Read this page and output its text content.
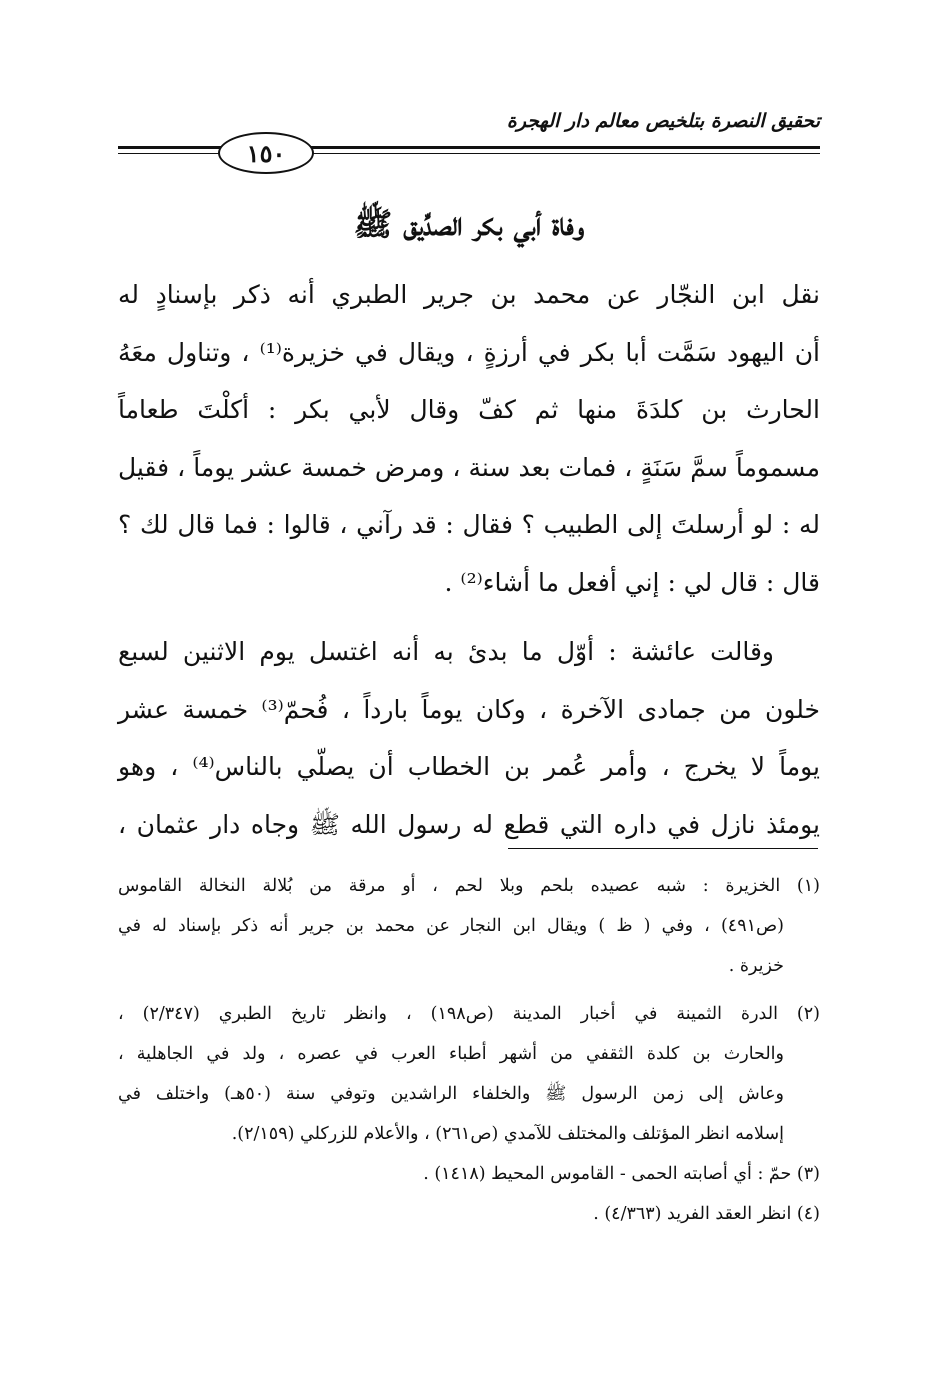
تحقيق النصرة بتلخيص معالم دار الهجرة
١٥٠
وفاة أبي بكر الصدِّيق ﷺ
نقل ابن النجّار عن محمد بن جرير الطبري أنه ذكر بإسنادٍ له
أن اليهود سَمَّت أبا بكر في أرزةٍ ، ويقال في خزيرة⁽¹⁾ ، وتناول معَهُ
الحارث بن كلدَةَ منها ثم كفّ وقال لأبي بكر : أكلْتَ طعاماً
مسموماً سمَّ سَنَةٍ ، فمات بعد سنة ، ومرض خمسة عشر يوماً ، فقيل
له : لو أرسلتَ إلى الطبيب ؟ فقال : قد رآني ، قالوا : فما قال لك ؟
قال : قال لي : إني أفعل ما أشاء⁽²⁾ .
وقالت عائشة : أوّل ما بدئ به أنه اغتسل يوم الاثنين لسبع
خلون من جمادى الآخرة ، وكان يوماً بارداً ، فُحمّ⁽³⁾ خمسة عشر
يوماً لا يخرج ، وأمر عُمر بن الخطاب أن يصلّي بالناس⁽⁴⁾ ، وهو
يومئذ نازل في داره التي قطع له رسول الله ﷺ وجاه دار عثمان ،
(١) الخزيرة : شبه عصيده بلحم وبلا لحم ، أو مرقة من بُلالة النخالة القاموس
(ص٤٩١) ، وفي ( ظ ) ويقال ابن النجار عن محمد بن جرير أنه ذكر بإسناد له في
خزيرة .
(٢) الدرة الثمينة في أخبار المدينة (ص١٩٨) ، وانظر تاريخ الطبري (٢/٣٤٧) ،
والحارث بن كلدة الثقفي من أشهر أطباء العرب في عصره ، ولد في الجاهلية ،
وعاش إلى زمن الرسول ﷺ والخلفاء الراشدين وتوفي سنة (٥٠هـ) واختلف في
إسلامه انظر المؤتلف والمختلف للآمدي (ص٢٦١) ، والأعلام للزركلي (٢/١٥٩).
(٣) حمّ : أي أصابته الحمى - القاموس المحيط (١٤١٨) .
(٤) انظر العقد الفريد (٤/٣٦٣) .
